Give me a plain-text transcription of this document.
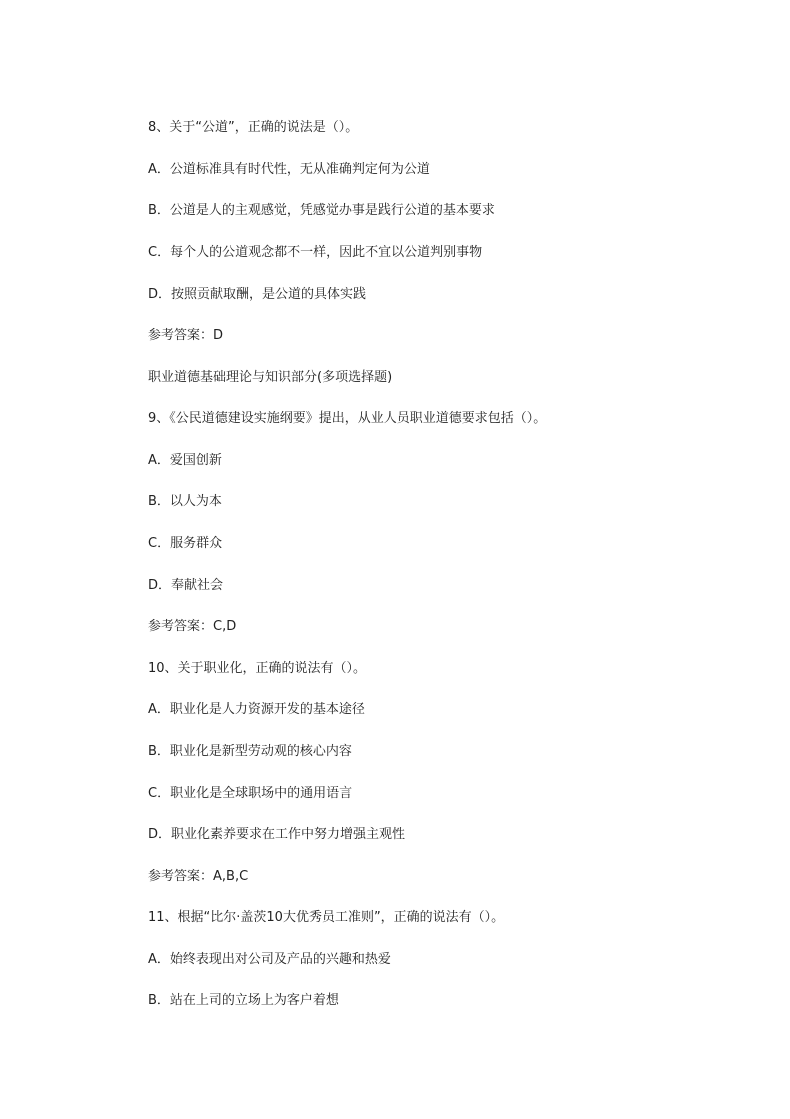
8、关于“公道”，正确的说法是（）。
A．公道标准具有时代性，无从准确判定何为公道
B．公道是人的主观感觉，凭感觉办事是践行公道的基本要求
C．每个人的公道观念都不一样，因此不宜以公道判别事物
D．按照贡献取酬，是公道的具体实践
参考答案：D
职业道德基础理论与知识部分(多项选择题)
9、《公民道德建设实施纲要》提出，从业人员职业道德要求包括（）。
A．爱国创新
B．以人为本
C．服务群众
D．奉献社会
参考答案：C,D
10、关于职业化，正确的说法有（）。
A．职业化是人力资源开发的基本途径
B．职业化是新型劳动观的核心内容
C．职业化是全球职场中的通用语言
D．职业化素养要求在工作中努力增强主观性
参考答案：A,B,C
11、根据“比尔·盖茨10大优秀员工准则”，正确的说法有（）。
A．始终表现出对公司及产品的兴趣和热爱
B．站在上司的立场上为客户着想
